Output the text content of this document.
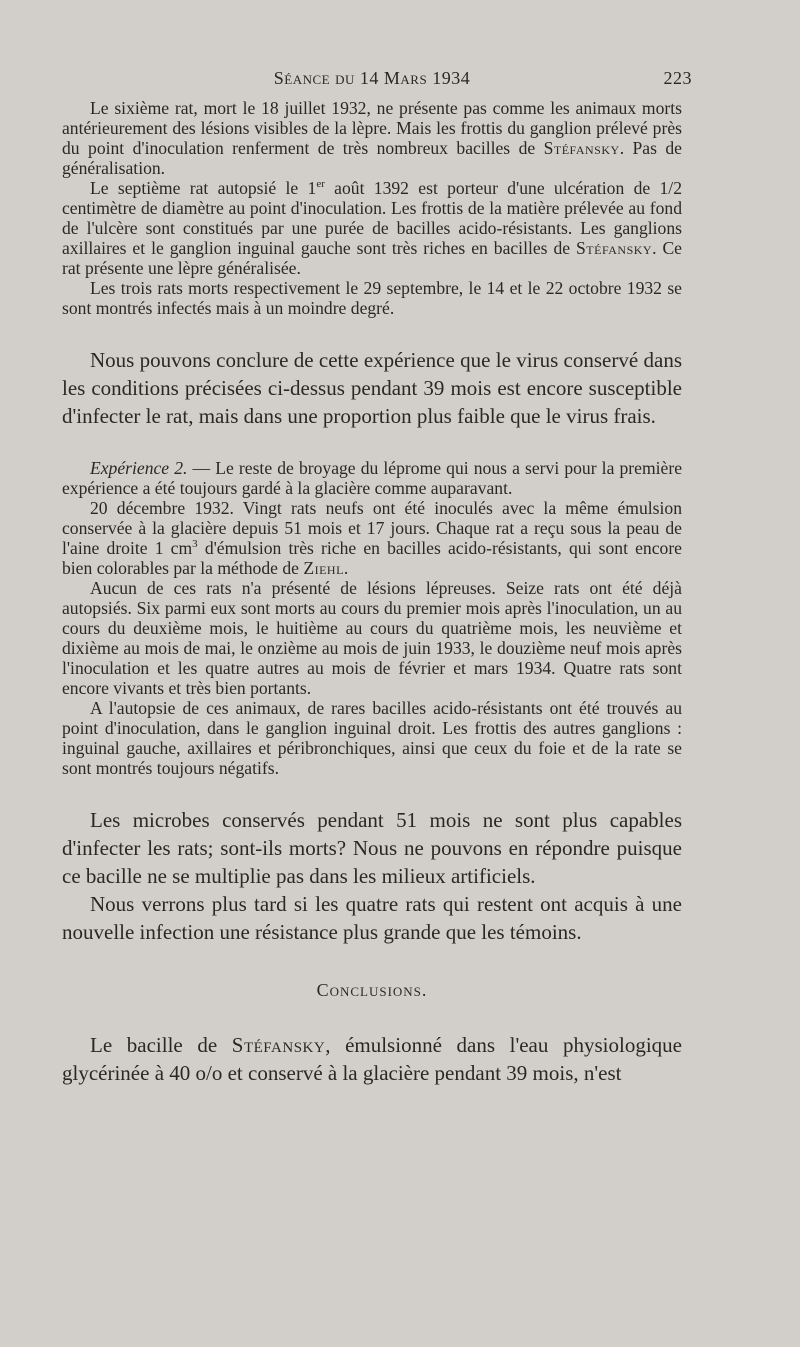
Séance du 14 Mars 1934	223

Le sixième rat, mort le 18 juillet 1932, ne présente pas comme les animaux morts antérieurement des lésions visibles de la lèpre. Mais les frottis du ganglion prélevé près du point d'inoculation renferment de très nombreux bacilles de Stéfansky. Pas de généralisation.

Le septième rat autopsié le 1er août 1392 est porteur d'une ulcération de 1/2 centimètre de diamètre au point d'inoculation. Les frottis de la matière prélevée au fond de l'ulcère sont constitués par une purée de bacilles acido-résistants. Les ganglions axillaires et le ganglion inguinal gauche sont très riches en bacilles de Stéfansky. Ce rat présente une lèpre généralisée.

Les trois rats morts respectivement le 29 septembre, le 14 et le 22 octobre 1932 se sont montrés infectés mais à un moindre degré.

Nous pouvons conclure de cette expérience que le virus conservé dans les conditions précisées ci-dessus pendant 39 mois est encore susceptible d'infecter le rat, mais dans une proportion plus faible que le virus frais.

Expérience 2. — Le reste de broyage du léprome qui nous a servi pour la première expérience a été toujours gardé à la glacière comme auparavant.

20 décembre 1932. Vingt rats neufs ont été inoculés avec la même émulsion conservée à la glacière depuis 51 mois et 17 jours. Chaque rat a reçu sous la peau de l'aine droite 1 $cm^3$ d'émulsion très riche en bacilles acido-résistants, qui sont encore bien colorables par la méthode de Ziehl.

Aucun de ces rats n'a présenté de lésions lépreuses. Seize rats ont été déjà autopsiés. Six parmi eux sont morts au cours du premier mois après l'inoculation, un au cours du deuxième mois, le huitième au cours du quatrième mois, les neuvième et dixième au mois de mai, le onzième au mois de juin 1933, le douzième neuf mois après l'inoculation et les quatre autres au mois de février et mars 1934. Quatre rats sont encore vivants et très bien portants.

A l'autopsie de ces animaux, de rares bacilles acido-résistants ont été trouvés au point d'inoculation, dans le ganglion inguinal droit. Les frottis des autres ganglions : inguinal gauche, axillaires et péribronchiques, ainsi que ceux du foie et de la rate se sont montrés toujours négatifs.

Les microbes conservés pendant 51 mois ne sont plus capables d'infecter les rats; sont-ils morts? Nous ne pouvons en répondre puisque ce bacille ne se multiplie pas dans les milieux artificiels.

Nous verrons plus tard si les quatre rats qui restent ont acquis à une nouvelle infection une résistance plus grande que les témoins.

Conclusions.

Le bacille de Stéfansky, émulsionné dans l'eau physiologique glycérinée à 40 o/o et conservé à la glacière pendant 39 mois, n'est
